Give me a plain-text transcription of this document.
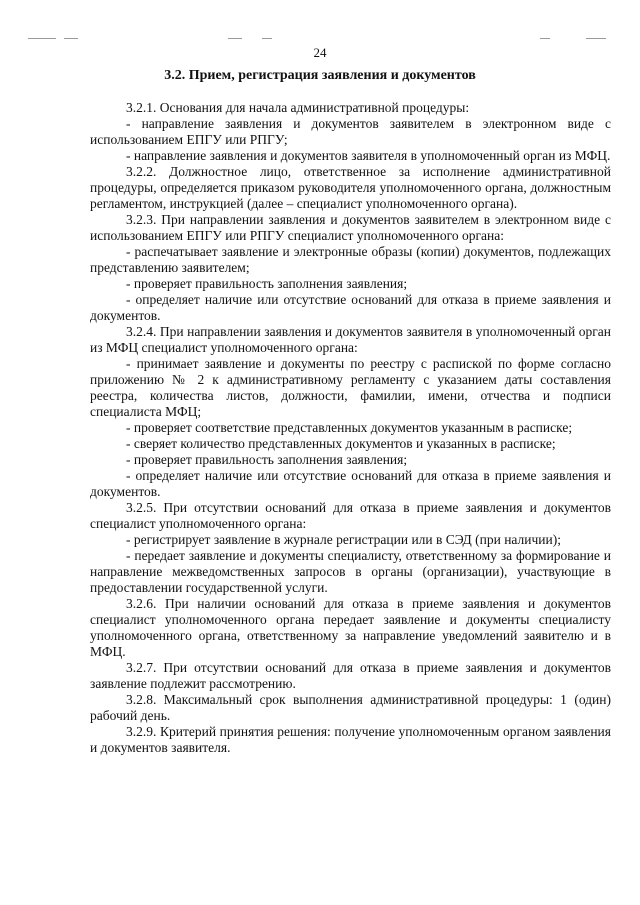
24
3.2. Прием, регистрация заявления и документов

3.2.1. Основания для начала административной процедуры:

- направление заявления и документов заявителем в электронном виде с использованием ЕПГУ или РПГУ;

- направление заявления и документов заявителя в уполномоченный орган из МФЦ.

3.2.2. Должностное лицо, ответственное за исполнение административной процедуры, определяется приказом руководителя уполномоченного органа, должностным регламентом, инструкцией (далее – специалист уполномоченного органа).

3.2.3. При направлении заявления и документов заявителем в электронном виде с использованием ЕПГУ или РПГУ специалист уполномоченного органа:

- распечатывает заявление и электронные образы (копии) документов, подлежащих представлению заявителем;

- проверяет правильность заполнения заявления;

- определяет наличие или отсутствие оснований для отказа в приеме заявления и документов.

3.2.4. При направлении заявления и документов заявителя в уполномоченный орган из МФЦ специалист уполномоченного органа:

- принимает заявление и документы по реестру с распиской по форме согласно приложению № 2 к административному регламенту с указанием даты составления реестра, количества листов, должности, фамилии, имени, отчества и подписи специалиста МФЦ;

- проверяет соответствие представленных документов указанным в расписке;

- сверяет количество представленных документов и указанных в расписке;

- проверяет правильность заполнения заявления;

- определяет наличие или отсутствие оснований для отказа в приеме заявления и документов.

3.2.5. При отсутствии оснований для отказа в приеме заявления и документов специалист уполномоченного органа:

- регистрирует заявление в журнале регистрации или в СЭД (при наличии);

- передает заявление и документы специалисту, ответственному за формирование и направление межведомственных запросов в органы (организации), участвующие в предоставлении государственной услуги.

3.2.6. При наличии оснований для отказа в приеме заявления и документов специалист уполномоченного органа передает заявление и документы специалисту уполномоченного органа, ответственному за направление уведомлений заявителю и в МФЦ.

3.2.7. При отсутствии оснований для отказа в приеме заявления и документов заявление подлежит рассмотрению.

3.2.8. Максимальный срок выполнения административной процедуры: 1 (один) рабочий день.

3.2.9. Критерий принятия решения: получение уполномоченным органом заявления и документов заявителя.
